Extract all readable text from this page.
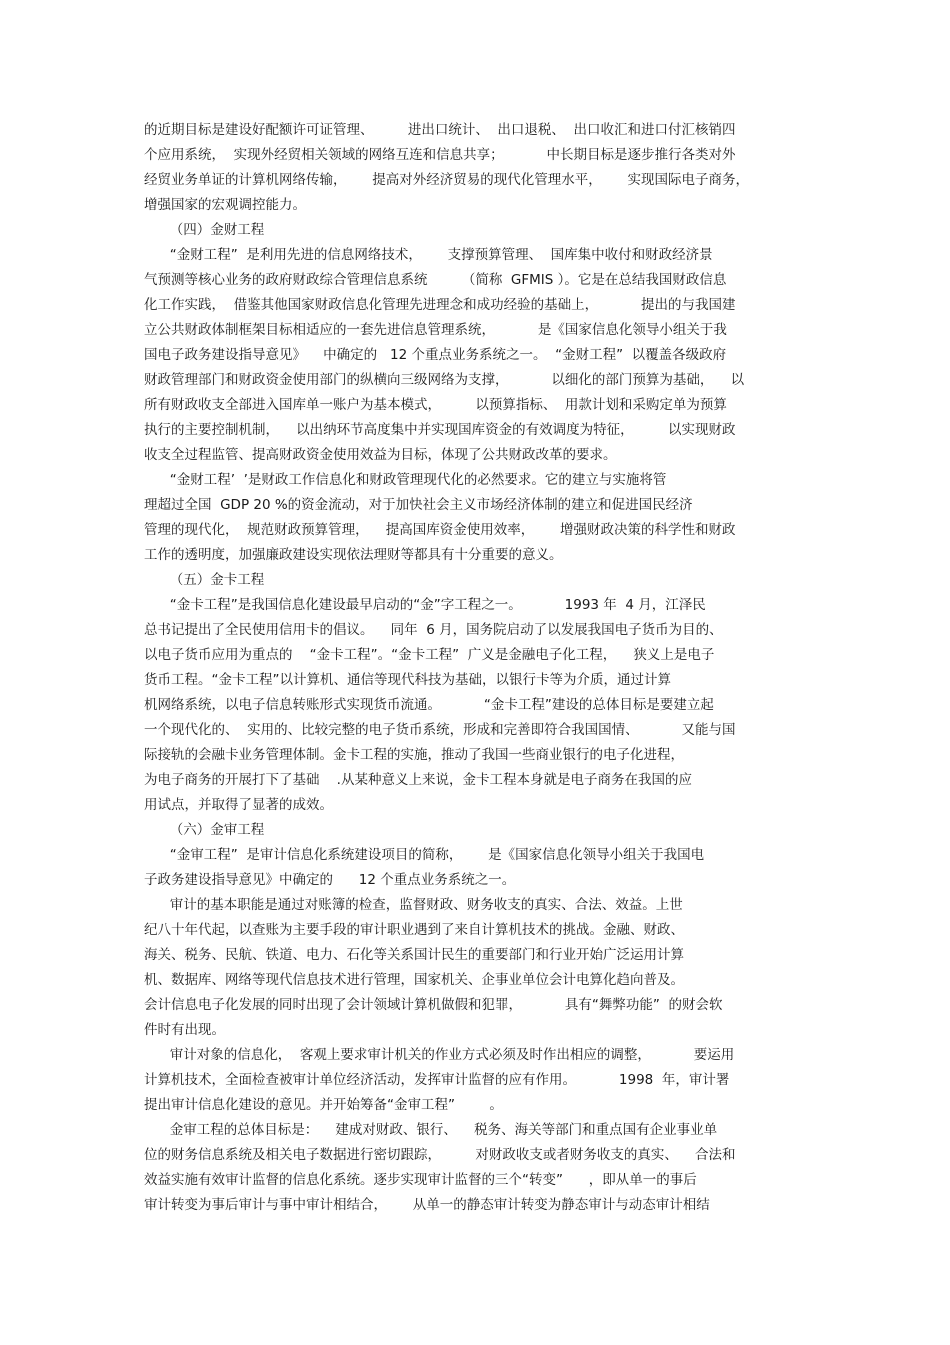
的近期目标是建设好配额许可证管理、        进出口统计、  出口退税、  出口收汇和进口付汇核销四
个应用系统，  实现外经贸相关领域的网络互连和信息共享；          中长期目标是逐步推行各类对外
经贸业务单证的计算机网络传输，      提高对外经济贸易的现代化管理水平，      实现国际电子商务，
增强国家的宏观调控能力。
（四）金财工程
“金财工程”  是利用先进的信息网络技术，      支撑预算管理、  国库集中收付和财政经济景
气预测等核心业务的政府财政综合管理信息系统        （简称  GFMIS ）。它是在总结我国财政信息
化工作实践，  借鉴其他国家财政信息化管理先进理念和成功经验的基础上，          提出的与我国建
立公共财政体制框架目标相适应的一套先进信息管理系统，          是《国家信息化领导小组关于我
国电子政务建设指导意见》    中确定的   12 个重点业务系统之一。  “金财工程”  以覆盖各级政府
财政管理部门和财政资金使用部门的纵横向三级网络为支撑，          以细化的部门预算为基础，    以
所有财政收支全部进入国库单一账户为基本模式，        以预算指标、  用款计划和采购定单为预算
执行的主要控制机制，    以出纳环节高度集中并实现国库资金的有效调度为特征，        以实现财政
收支全过程监管、提高财政资金使用效益为目标，体现了公共财政改革的要求。
“金财工程’  ’是财政工作信息化和财政管理现代化的必然要求。它的建立与实施将管
理超过全国  GDP 20 %的资金流动，对于加快社会主义市场经济体制的建立和促进国民经济
管理的现代化，  规范财政预算管理，    提高国库资金使用效率，      增强财政决策的科学性和财政
工作的透明度，加强廉政建设实现依法理财等都具有十分重要的意义。
（五）金卡工程
“金卡工程”是我国信息化建设最早启动的“金”字工程之一。          1993 年  4 月，江泽民
总书记提出了全民使用信用卡的倡议。    同年  6 月，国务院启动了以发展我国电子货币为目的、
以电子货币应用为重点的    “金卡工程”。“金卡工程”  广义是金融电子化工程，    狭义上是电子
货币工程。“金卡工程”以计算机、通信等现代科技为基础，以银行卡等为介质，通过计算
机网络系统，以电子信息转账形式实现货币流通。          “金卡工程”建设的总体目标是要建立起
一个现代化的、  实用的、比较完整的电子货币系统，形成和完善即符合我国国情、          又能与国
际接轨的会融卡业务管理体制。金卡工程的实施，推动了我国一些商业银行的电子化进程，
为电子商务的开展打下了基础    .从某种意义上来说，金卡工程本身就是电子商务在我国的应
用试点，并取得了显著的成效。
（六）金审工程
“金审工程”  是审计信息化系统建设项目的简称，      是《国家信息化领导小组关于我国电
子政务建设指导意见》中确定的      12 个重点业务系统之一。
审计的基本职能是通过对账簿的检查，监督财政、财务收支的真实、合法、效益。上世
纪八十年代起，以查账为主要手段的审计职业遇到了来自计算机技术的挑战。金融、财政、
海关、税务、民航、铁道、电力、石化等关系国计民生的重要部门和行业开始广泛运用计算
机、数据库、网络等现代信息技术进行管理，国家机关、企事业单位会计电算化趋向普及。
会计信息电子化发展的同时出现了会计领域计算机做假和犯罪，          具有“舞弊功能”  的财会软
件时有出现。
审计对象的信息化，  客观上要求审计机关的作业方式必须及时作出相应的调整，          要运用
计算机技术，全面检查被审计单位经济活动，发挥审计监督的应有作用。          1998  年，审计署
提出审计信息化建设的意见。并开始筹备“金审工程”        。
金审工程的总体目标是：    建成对财政、银行、    税务、海关等部门和重点国有企业事业单
位的财务信息系统及相关电子数据进行密切跟踪，        对财政收支或者财务收支的真实、    合法和
效益实施有效审计监督的信息化系统。逐步实现审计监督的三个“转变”      ，即从单一的事后
审计转变为事后审计与事中审计相结合，      从单一的静态审计转变为静态审计与动态审计相结
